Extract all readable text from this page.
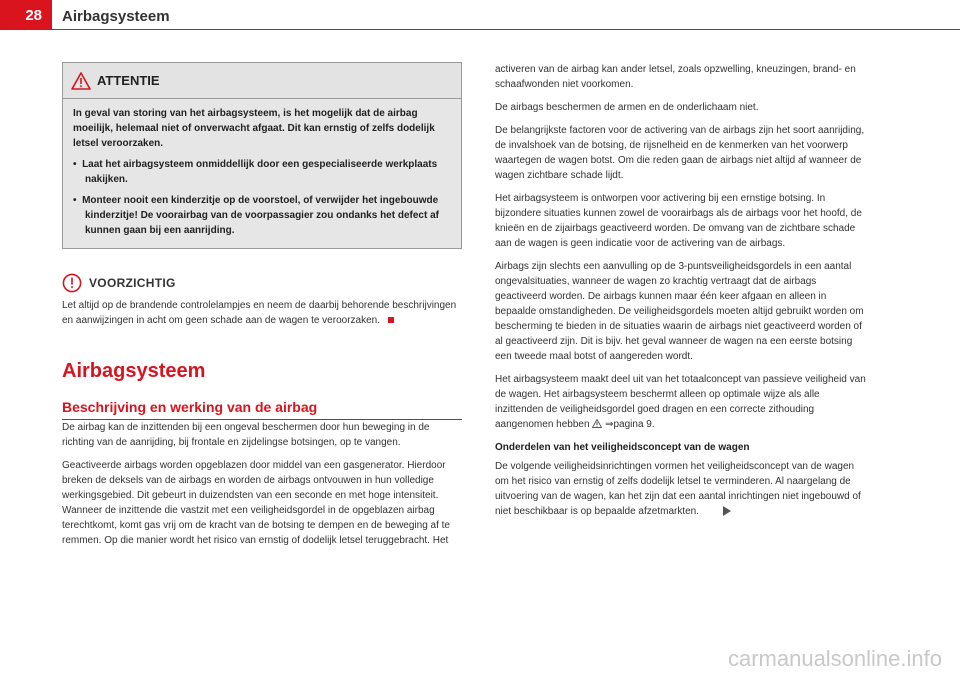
28	Airbagsysteem
ATTENTIE

In geval van storing van het airbagsysteem, is het mogelijk dat de airbag moeilijk, helemaal niet of onverwacht afgaat. Dit kan ernstig of zelfs dodelijk letsel veroorzaken.

•  Laat het airbagsysteem onmiddellijk door een gespecialiseerde werkplaats nakijken.

•  Monteer nooit een kinderzitje op de voorstoel, of verwijder het ingebouwde kinderzitje! De voorairbag van de voorpassagier zou ondanks het defect af kunnen gaan bij een aanrijding.

VOORZICHTIG
Let altijd op de brandende controlelampjes en neem de daarbij behorende beschrijvingen en aanwijzingen in acht om geen schade aan de wagen te veroorzaken.
Airbagsysteem
Beschrijving en werking van de airbag

De airbag kan de inzittenden bij een ongeval beschermen door hun beweging in de richting van de aanrijding, bij frontale en zijdelingse botsingen, op te vangen.

Geactiveerde airbags worden opgeblazen door middel van een gasgenerator. Hierdoor breken de deksels van de airbags en worden de airbags ontvouwen in hun volledige werkingsgebied. Dit gebeurt in duizendsten van een seconde en met hoge intensiteit. Wanneer de inzittende die vastzit met een veiligheidsgordel in de opgeblazen airbag terechtkomt, komt gas vrij om de kracht van de botsing te dempen en de beweging af te remmen. Op die manier wordt het risico van ernstig of dodelijk letsel teruggebracht. Het

activeren van de airbag kan ander letsel, zoals opzwelling, kneuzingen, brand- en schaafwonden niet voorkomen.

De airbags beschermen de armen en de onderlichaam niet.

De belangrijkste factoren voor de activering van de airbags zijn het soort aanrijding, de invalshoek van de botsing, de rijsnelheid en de kenmerken van het voorwerp waartegen de wagen botst. Om die reden gaan de airbags niet altijd af wanneer de wagen zichtbare schade lijdt.

Het airbagsysteem is ontworpen voor activering bij een ernstige botsing. In bijzondere situaties kunnen zowel de voorairbags als de airbags voor het hoofd, de knieën en de zijairbags geactiveerd worden. De omvang van de zichtbare schade aan de wagen is geen indicatie voor de activering van de airbags.

Airbags zijn slechts een aanvulling op de 3-puntsveiligheidsgordels in een aantal ongevalsituaties, wanneer de wagen zo krachtig vertraagt dat de airbags geactiveerd worden. De airbags kunnen maar één keer afgaan en alleen in bepaalde omstandigheden. De veiligheidsgordels moeten altijd gebruikt worden om bescherming te bieden in de situaties waarin de airbags niet geactiveerd worden of al geactiveerd zijn. Dit is bijv. het geval wanneer de wagen na een eerste botsing een tweede maal botst of aangereden wordt.

Het airbagsysteem maakt deel uit van het totaalconcept van passieve veiligheid van de wagen. Het airbagsysteem beschermt alleen op optimale wijze als alle inzittenden de veiligheidsgordel goed dragen en een correcte zithouding aangenomen hebben ⇒pagina 9.

Onderdelen van het veiligheidsconcept van de wagen

De volgende veiligheidsinrichtingen vormen het veiligheidsconcept van de wagen om het risico van ernstig of zelfs dodelijk letsel te verminderen. Al naargelang de uitvoering van de wagen, kan het zijn dat een aantal inrichtingen niet ingebouwd of niet beschikbaar is op bepaalde afzetmarkten.

carmanualsonline.info
